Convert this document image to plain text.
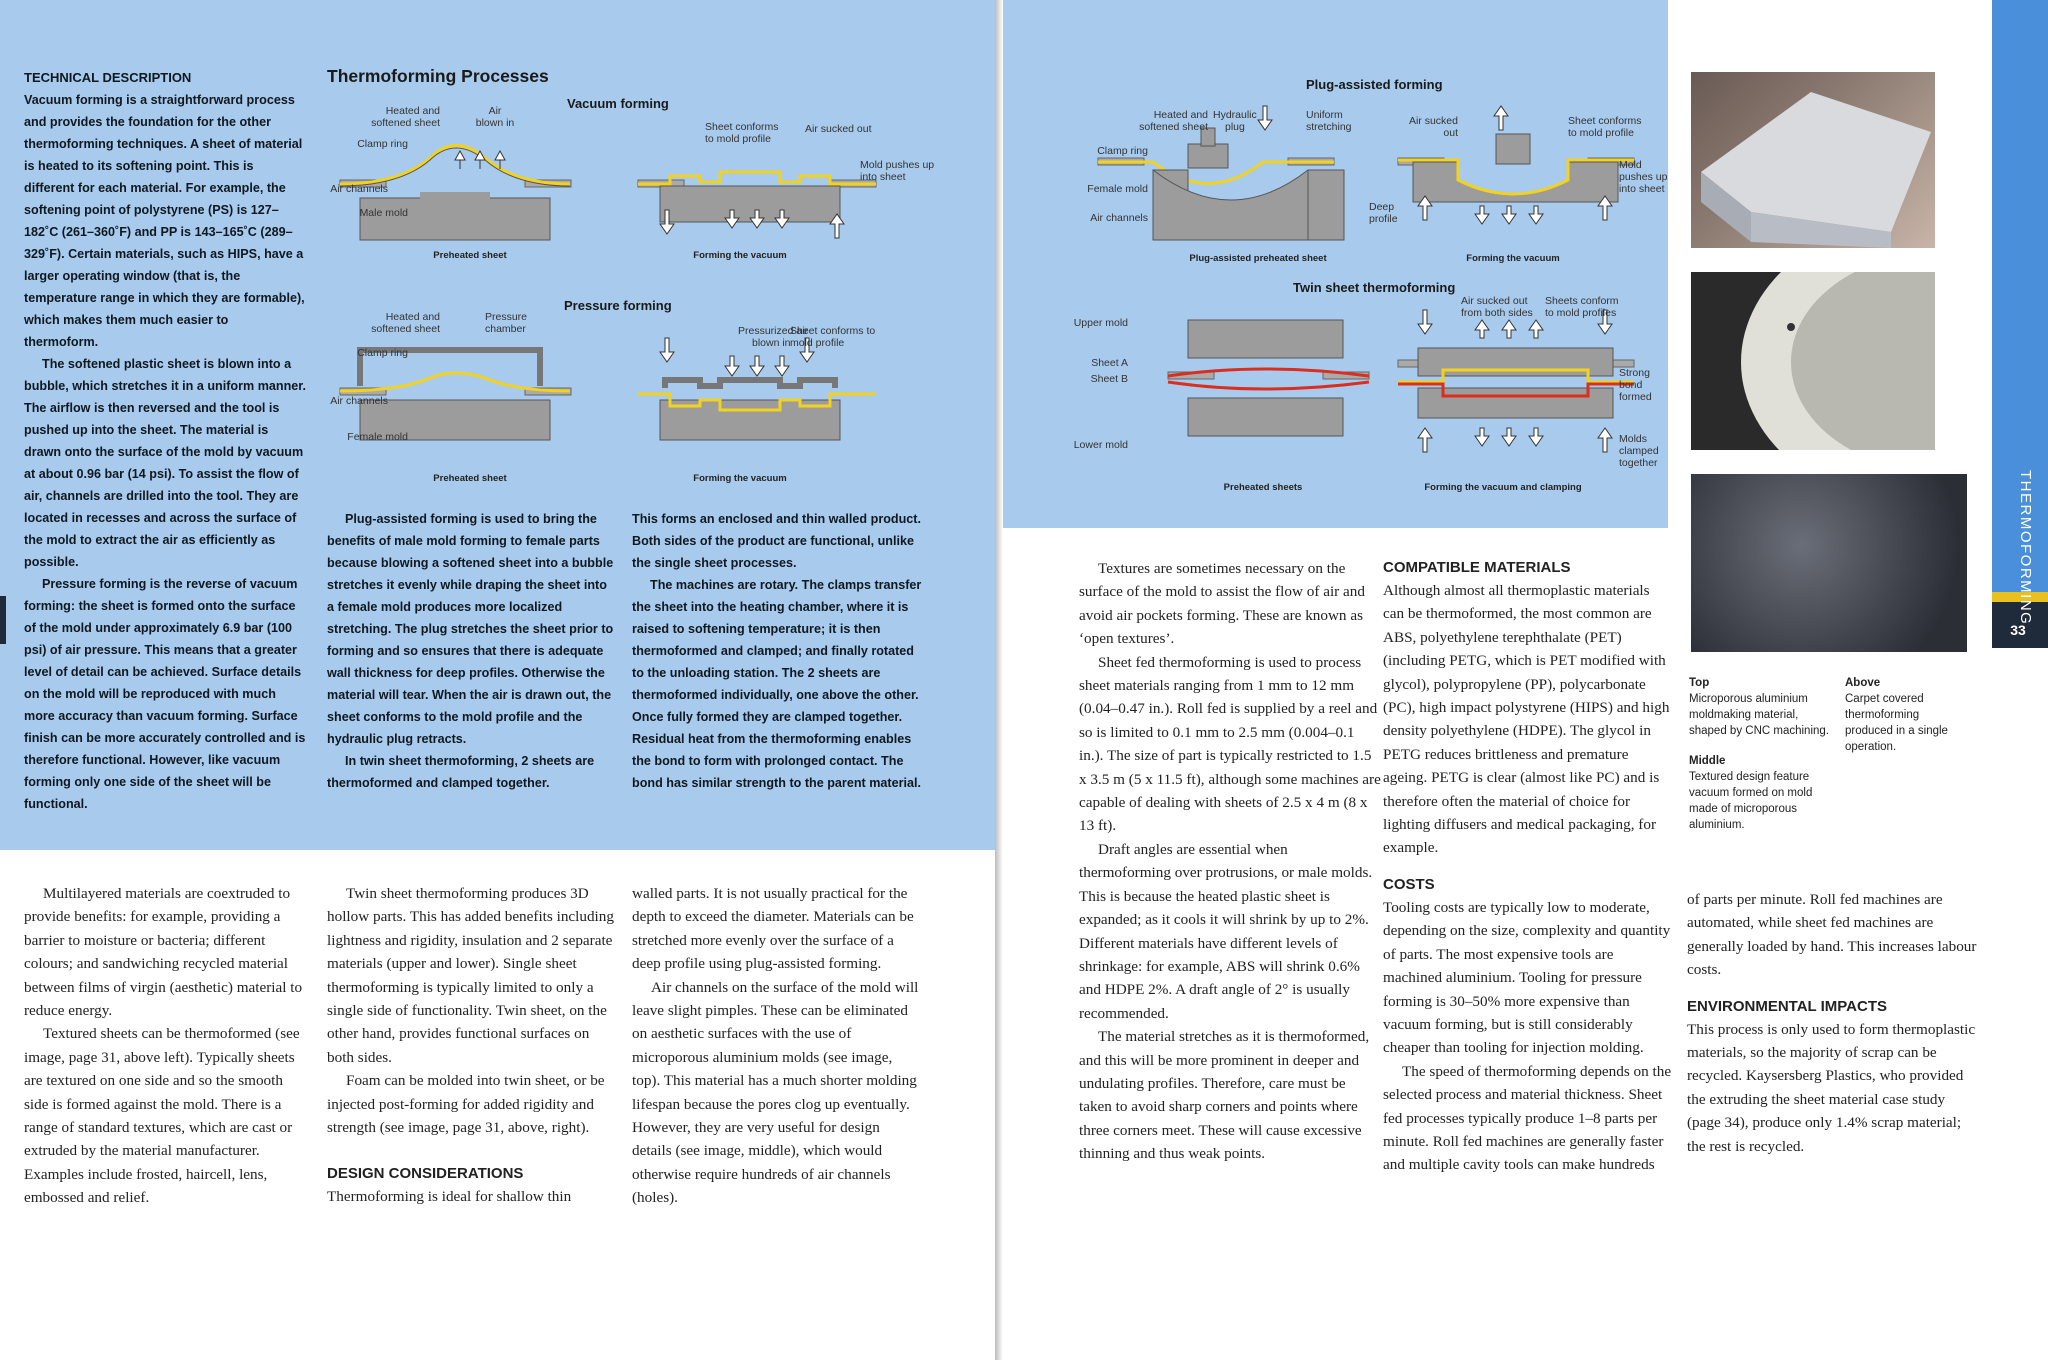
TECHNICAL DESCRIPTION

Vacuum forming is a straightforward process and provides the foundation for the other thermoforming techniques. A sheet of material is heated to its softening point. This is different for each material. For example, the softening point of polystyrene (PS) is 127–182˚C (261–360˚F) and PP is 143–165˚C (289–329˚F). Certain materials, such as HIPS, have a larger operating window (that is, the temperature range in which they are formable), which makes them much easier to thermoform.

The softened plastic sheet is blown into a bubble, which stretches it in a uniform manner. The airflow is then reversed and the tool is pushed up into the sheet. The material is drawn onto the surface of the mold by vacuum at about 0.96 bar (14 psi). To assist the flow of air, channels are drilled into the tool. They are located in recesses and across the surface of the mold to extract the air as efficiently as possible.

Pressure forming is the reverse of vacuum forming: the sheet is formed onto the surface of the mold under approximately 6.9 bar (100 psi) of air pressure. This means that a greater level of detail can be achieved. Surface details on the mold will be reproduced with much more accuracy than vacuum forming. Surface finish can be more accurately controlled and is therefore functional. However, like vacuum forming only one side of the sheet will be functional.

Thermoforming Processes
Vacuum forming
Preheated sheet
Heated and
softened sheet
Air
blown in
Clamp ring
Air channels
Male mold
Forming the vacuum
Sheet conforms
to mold profile
Air sucked out
Mold pushes up
into sheet
Pressure forming
Preheated sheet
Heated and
softened sheet
Pressure
chamber
Clamp ring
Air channels
Female mold
Forming the vacuum
Pressurized air
blown in
Sheet conforms to
mold profile

Plug-assisted forming is used to bring the benefits of male mold forming to female parts because blowing a softened sheet into a bubble stretches it evenly while draping the sheet into a female mold produces more localized stretching. The plug stretches the sheet prior to forming and so ensures that there is adequate wall thickness for deep profiles. Otherwise the material will tear. When the air is drawn out, the sheet conforms to the mold profile and the hydraulic plug retracts.

In twin sheet thermoforming, 2 sheets are thermoformed and clamped together.

This forms an enclosed and thin walled product. Both sides of the product are functional, unlike the single sheet processes.

The machines are rotary. The clamps transfer the sheet into the heating chamber, where it is raised to softening temperature; it is then thermoformed and clamped; and finally rotated to the unloading station. The 2 sheets are thermoformed individually, one above the other. Once fully formed they are clamped together. Residual heat from the thermoforming enables the bond to form with prolonged contact. The bond has similar strength to the parent material.

Multilayered materials are coextruded to provide benefits: for example, providing a barrier to moisture or bacteria; different colours; and sandwiching recycled material between films of virgin (aesthetic) material to reduce energy.

Textured sheets can be thermoformed (see image, page 31, above left). Typically sheets are textured on one side and so the smooth side is formed against the mold. There is a range of standard textures, which are cast or extruded by the material manufacturer. Examples include frosted, haircell, lens, embossed and relief.

Twin sheet thermoforming produces 3D hollow parts. This has added benefits including lightness and rigidity, insulation and 2 separate materials (upper and lower). Single sheet thermoforming is typically limited to only a single side of functionality. Twin sheet, on the other hand, provides functional surfaces on both sides.

Foam can be molded into twin sheet, or be injected post-forming for added rigidity and strength (see image, page 31, above, right).

DESIGN CONSIDERATIONS

Thermoforming is ideal for shallow thin

walled parts. It is not usually practical for the depth to exceed the diameter. Materials can be stretched more evenly over the surface of a deep profile using plug-assisted forming.

Air channels on the surface of the mold will leave slight pimples. These can be eliminated on aesthetic surfaces with the use of microporous aluminium molds (see image, top). This material has a much shorter molding lifespan because the pores clog up eventually. However, they are very useful for design details (see image, middle), which would otherwise require hundreds of air channels (holes).

Plug-assisted forming
Plug-assisted preheated sheet
Heated and
softened sheet
Hydraulic
plug
Uniform
stretching
Clamp ring
Female mold
Air channels
Deep
profile
Forming the vacuum
Air sucked
out
Sheet conforms
to mold profile
Mold
pushes up
into sheet
Twin sheet thermoforming
Preheated sheets
Upper mold
Sheet A
Sheet B
Lower mold
Forming the vacuum and clamping
Air sucked out
from both sides
Sheets conform
to mold profiles
Strong
bond
formed
Molds
clamped
together
Top
Microporous aluminium moldmaking material, shaped by CNC machining.
Middle
Textured design feature vacuum formed on mold made of microporous aluminium.
Above
Carpet covered thermoforming produced in a single operation.

Textures are sometimes necessary on the surface of the mold to assist the flow of air and avoid air pockets forming. These are known as ‘open textures’.

Sheet fed thermoforming is used to process sheet materials ranging from 1 mm to 12 mm (0.04–0.47 in.). Roll fed is supplied by a reel and so is limited to 0.1 mm to 2.5 mm (0.004–0.1 in.). The size of part is typically restricted to 1.5 x 3.5 m (5 x 11.5 ft), although some machines are capable of dealing with sheets of 2.5 x 4 m (8 x 13 ft).

Draft angles are essential when thermoforming over protrusions, or male molds. This is because the heated plastic sheet is expanded; as it cools it will shrink by up to 2%. Different materials have different levels of shrinkage: for example, ABS will shrink 0.6% and HDPE 2%. A draft angle of 2° is usually recommended.

The material stretches as it is thermoformed, and this will be more prominent in deeper and undulating profiles. Therefore, care must be taken to avoid sharp corners and points where three corners meet. These will cause excessive thinning and thus weak points.

COMPATIBLE MATERIALS

Although almost all thermoplastic materials can be thermoformed, the most common are ABS, polyethylene terephthalate (PET) (including PETG, which is PET modified with glycol), polypropylene (PP), polycarbonate (PC), high impact polystyrene (HIPS) and high density polyethylene (HDPE). The glycol in PETG reduces brittleness and premature ageing. PETG is clear (almost like PC) and is therefore often the material of choice for lighting diffusers and medical packaging, for example.

COSTS

Tooling costs are typically low to moderate, depending on the size, complexity and quantity of parts. The most expensive tools are machined aluminium. Tooling for pressure forming is 30–50% more expensive than vacuum forming, but is still considerably cheaper than tooling for injection molding.

The speed of thermoforming depends on the selected process and material thickness. Sheet fed processes typically produce 1–8 parts per minute. Roll fed machines are generally faster and multiple cavity tools can make hundreds

of parts per minute. Roll fed machines are automated, while sheet fed machines are generally loaded by hand. This increases labour costs.

ENVIRONMENTAL IMPACTS

This process is only used to form thermoplastic materials, so the majority of scrap can be recycled. Kaysersberg Plastics, who provided the extruding the sheet material case study (page 34), produce only 1.4% scrap material; the rest is recycled.

THERMOFORMING
33
